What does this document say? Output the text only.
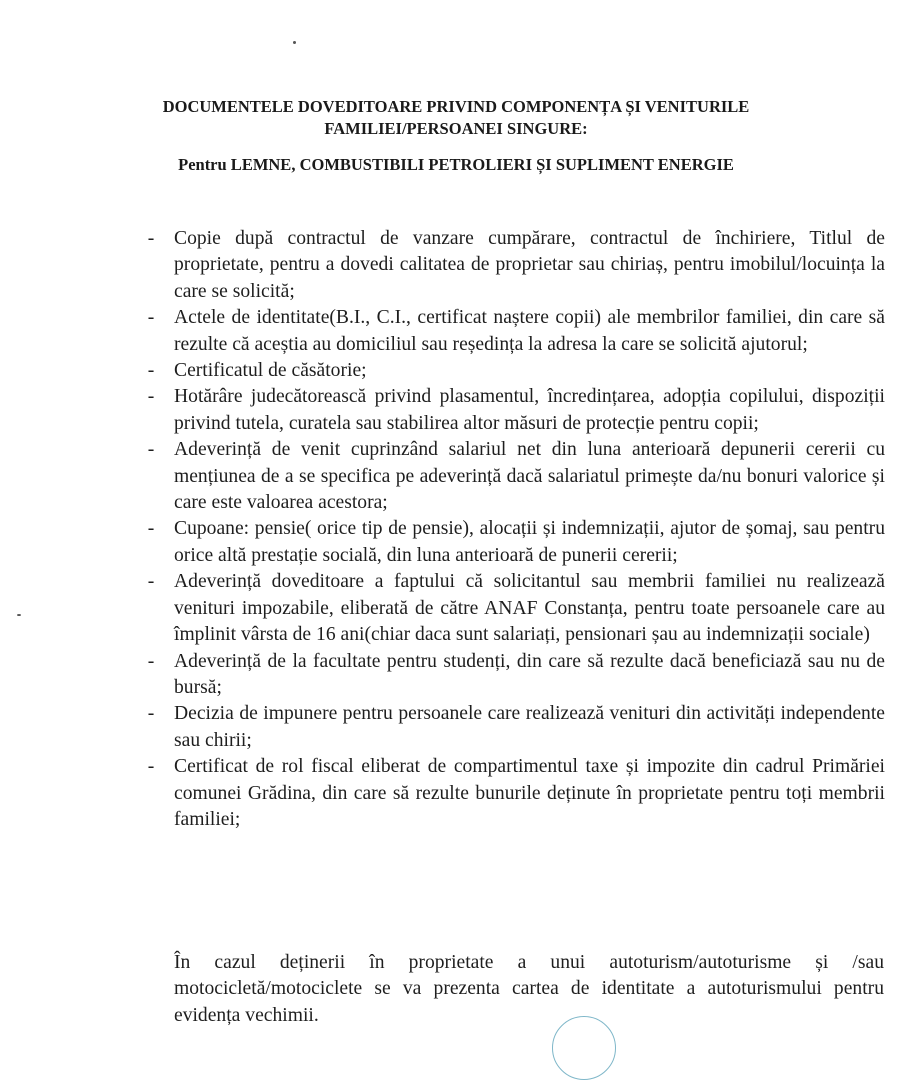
DOCUMENTELE DOVEDITOARE PRIVIND COMPONENȚA ȘI VENITURILE
FAMILIEI/PERSOANEI SINGURE:
Pentru LEMNE, COMBUSTIBILI PETROLIERI ȘI SUPLIMENT ENERGIE
- Copie după contractul de vanzare cumpărare, contractul de închiriere, Titlul de proprietate, pentru a dovedi calitatea de proprietar sau chiriaș, pentru imobilul/locuința la care se solicită;
- Actele de identitate(B.I., C.I., certificat naștere copii) ale membrilor familiei, din care să rezulte că aceștia au domiciliul sau reședința la adresa la care se solicită ajutorul;
- Certificatul de căsătorie;
- Hotărâre judecătorească privind plasamentul, încredințarea, adopția copilului, dispoziții privind tutela, curatela sau stabilirea altor măsuri de protecție pentru copii;
- Adeverință de venit cuprinzând salariul net din luna anterioară depunerii cererii cu mențiunea de a se specifica pe adeverință dacă salariatul primește da/nu bonuri valorice și care este valoarea acestora;
- Cupoane: pensie( orice tip de pensie), alocații și indemnizații, ajutor de șomaj, sau pentru orice altă prestație socială, din luna anterioară de punerii cererii;
- Adeverință doveditoare a faptului că solicitantul sau membrii familiei nu realizează venituri impozabile, eliberată de către ANAF Constanța, pentru toate persoanele care au împlinit vârsta de 16 ani(chiar daca sunt salariați, pensionari șau au indemnizații sociale)
- Adeverință de la facultate pentru studenți, din care să rezulte dacă beneficiază sau nu de bursă;
- Decizia de impunere pentru persoanele care realizează venituri din activități independente sau chirii;
- Certificat de rol fiscal eliberat de compartimentul taxe și impozite din cadrul Primăriei comunei Grădina, din care să rezulte bunurile deținute în proprietate pentru toți membrii familiei;

În cazul deținerii în proprietate a unui autoturism/autoturisme și /sau motocicletă/motociclete se va prezenta cartea de identitate a autoturismului pentru evidența vechimii.
